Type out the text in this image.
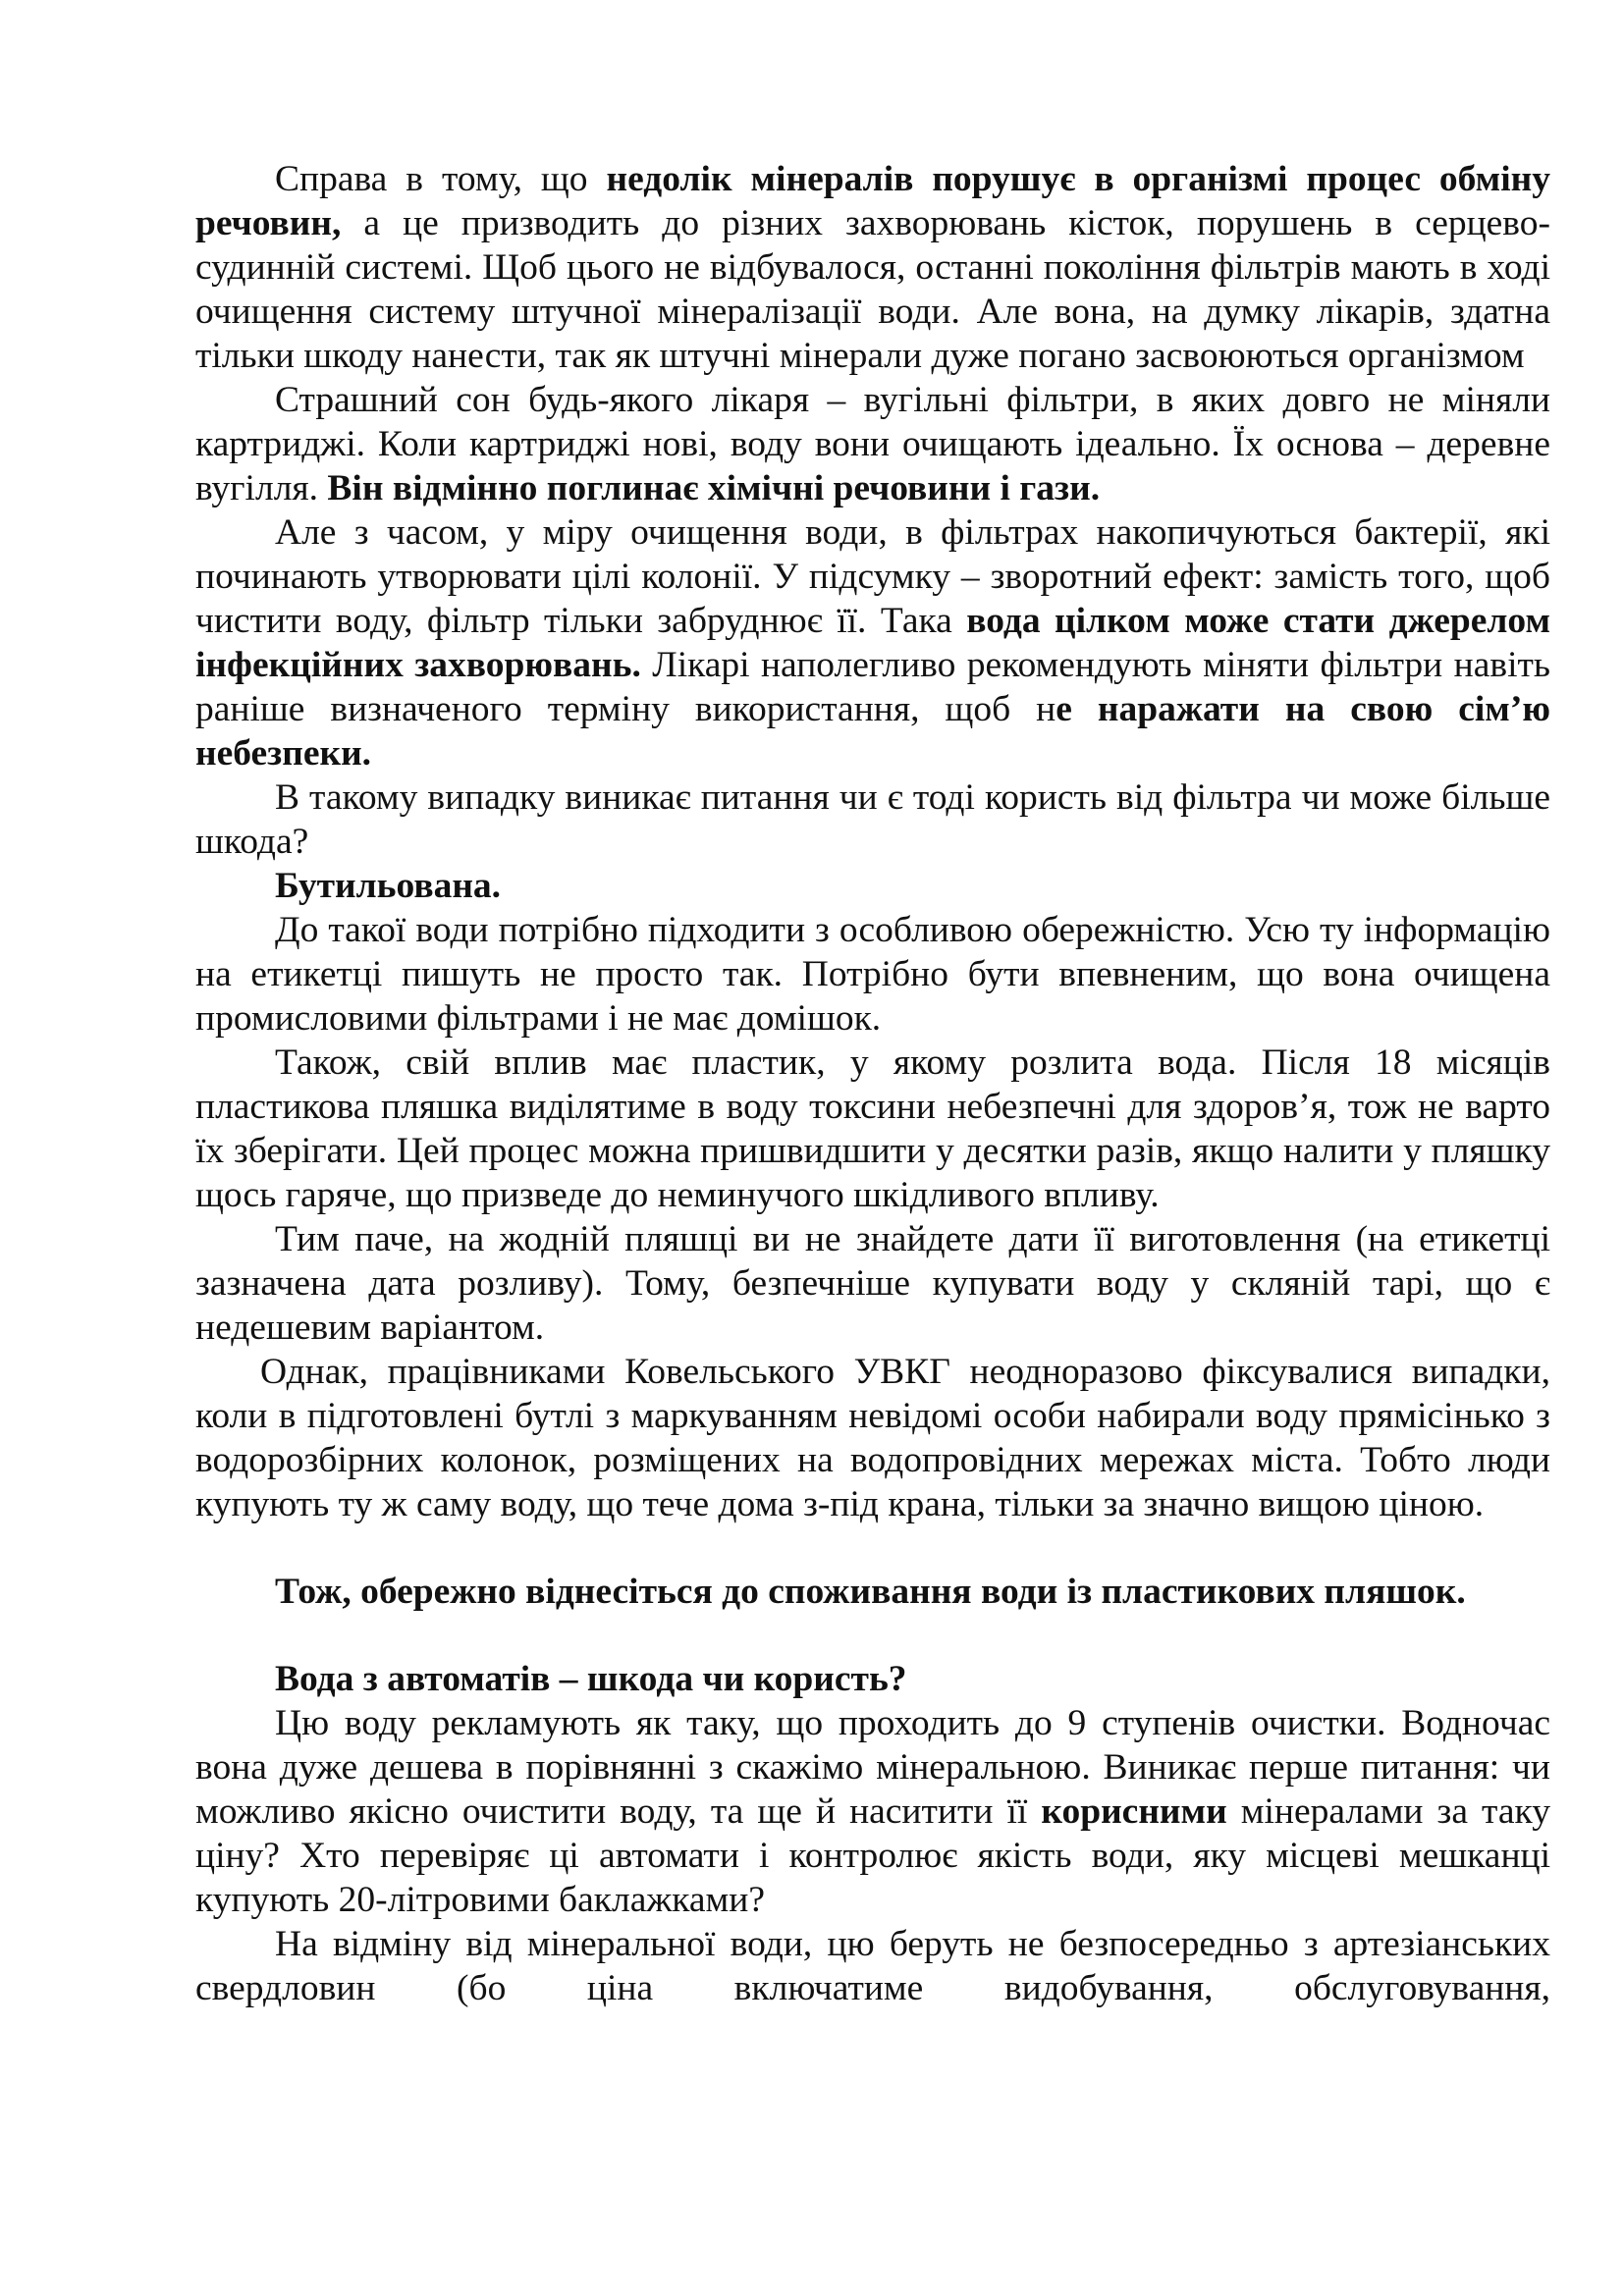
Справа в тому, що недолік мінералів порушує в організмі процес обміну речовин, а це призводить до різних захворювань кісток, порушень в серцево-судинній системі. Щоб цього не відбувалося, останні покоління фільтрів мають в ході очищення систему штучної мінералізації води. Але вона, на думку лікарів, здатна тільки шкоду нанести, так як штучні мінерали дуже погано засвоюються організмом

Страшний сон будь-якого лікаря – вугільні фільтри, в яких довго не міняли картриджі. Коли картриджі нові, воду вони очищають ідеально. Їх основа – деревне вугілля. Він відмінно поглинає хімічні речовини і гази.

Але з часом, у міру очищення води, в фільтрах накопичуються бактерії, які починають утворювати цілі колонії. У підсумку – зворотний ефект: замість того, щоб чистити воду, фільтр тільки забруднює її. Така вода цілком може стати джерелом інфекційних захворювань. Лікарі наполегливо рекомендують міняти фільтри навіть раніше визначеного терміну використання, щоб не наражати на свою сім’ю небезпеки.

В такому випадку виникає питання чи є тоді користь від фільтра чи може більше шкода?

Бутильована.

До такої води потрібно підходити з особливою обережністю. Усю ту інформацію на етикетці пишуть не просто так. Потрібно бути впевненим, що вона очищена промисловими фільтрами і не має домішок.

Також, свій вплив має пластик, у якому розлита вода. Після 18 місяців пластикова пляшка виділятиме в воду токсини небезпечні для здоров’я, тож не варто їх зберігати. Цей процес можна пришвидшити у десятки разів, якщо налити у пляшку щось гаряче, що призведе до неминучого шкідливого впливу.

Тим паче, на жодній пляшці ви не знайдете дати її виготовлення (на етикетці зазначена дата розливу). Тому, безпечніше купувати воду у скляній тарі, що є недешевим варіантом.

Однак, працівниками Ковельського УВКГ неодноразово фіксувалися випадки, коли в підготовлені бутлі з маркуванням невідомі особи набирали воду прямісінько з водорозбірних колонок, розміщених на водопровідних мережах міста. Тобто люди купують ту ж саму воду, що тече дома з-під крана, тільки за значно вищою ціною.

Тож, обережно віднесіться до споживання води із пластикових пляшок.

Вода з автоматів – шкода чи користь?

Цю воду рекламують як таку, що проходить до 9 ступенів очистки. Водночас вона дуже дешева в порівнянні з скажімо мінеральною. Виникає перше питання: чи можливо якісно очистити воду, та ще й наситити її корисними мінералами за таку ціну? Хто перевіряє ці автомати і контролює якість води, яку місцеві мешканці купують 20-літровими баклажками?

На відміну від мінеральної води, цю беруть не безпосередньо з артезіанських свердловин (бо ціна включатиме видобування, обслуговування,
